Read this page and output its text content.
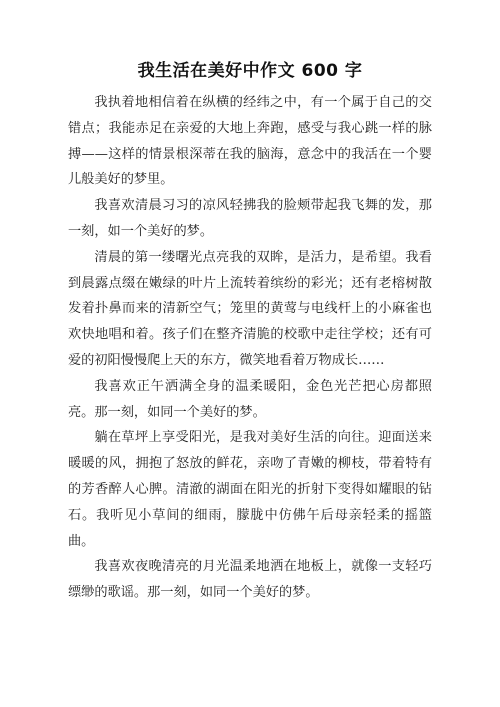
我生活在美好中作文 600 字

我执着地相信着在纵横的经纬之中，有一个属于自己的交错点；我能赤足在亲爱的大地上奔跑，感受与我心跳一样的脉搏——这样的情景根深蒂在我的脑海，意念中的我活在一个婴儿般美好的梦里。

我喜欢清晨习习的凉风轻拂我的脸颊带起我飞舞的发，那一刻，如一个美好的梦。

清晨的第一缕曙光点亮我的双眸，是活力，是希望。我看到晨露点缀在嫩绿的叶片上流转着缤纷的彩光；还有老榕树散发着扑鼻而来的清新空气；笼里的黄莺与电线杆上的小麻雀也欢快地唱和着。孩子们在整齐清脆的校歌中走往学校；还有可爱的初阳慢慢爬上天的东方，微笑地看着万物成长……

我喜欢正午洒满全身的温柔暖阳，金色光芒把心房都照亮。那一刻，如同一个美好的梦。

躺在草坪上享受阳光，是我对美好生活的向往。迎面送来暖暖的风，拥抱了怒放的鲜花，亲吻了青嫩的柳枝，带着特有的芳香醉人心脾。清澈的湖面在阳光的折射下变得如耀眼的钻石。我听见小草间的细雨，朦胧中仿佛午后母亲轻柔的摇篮曲。

我喜欢夜晚清亮的月光温柔地洒在地板上，就像一支轻巧缥缈的歌谣。那一刻，如同一个美好的梦。
